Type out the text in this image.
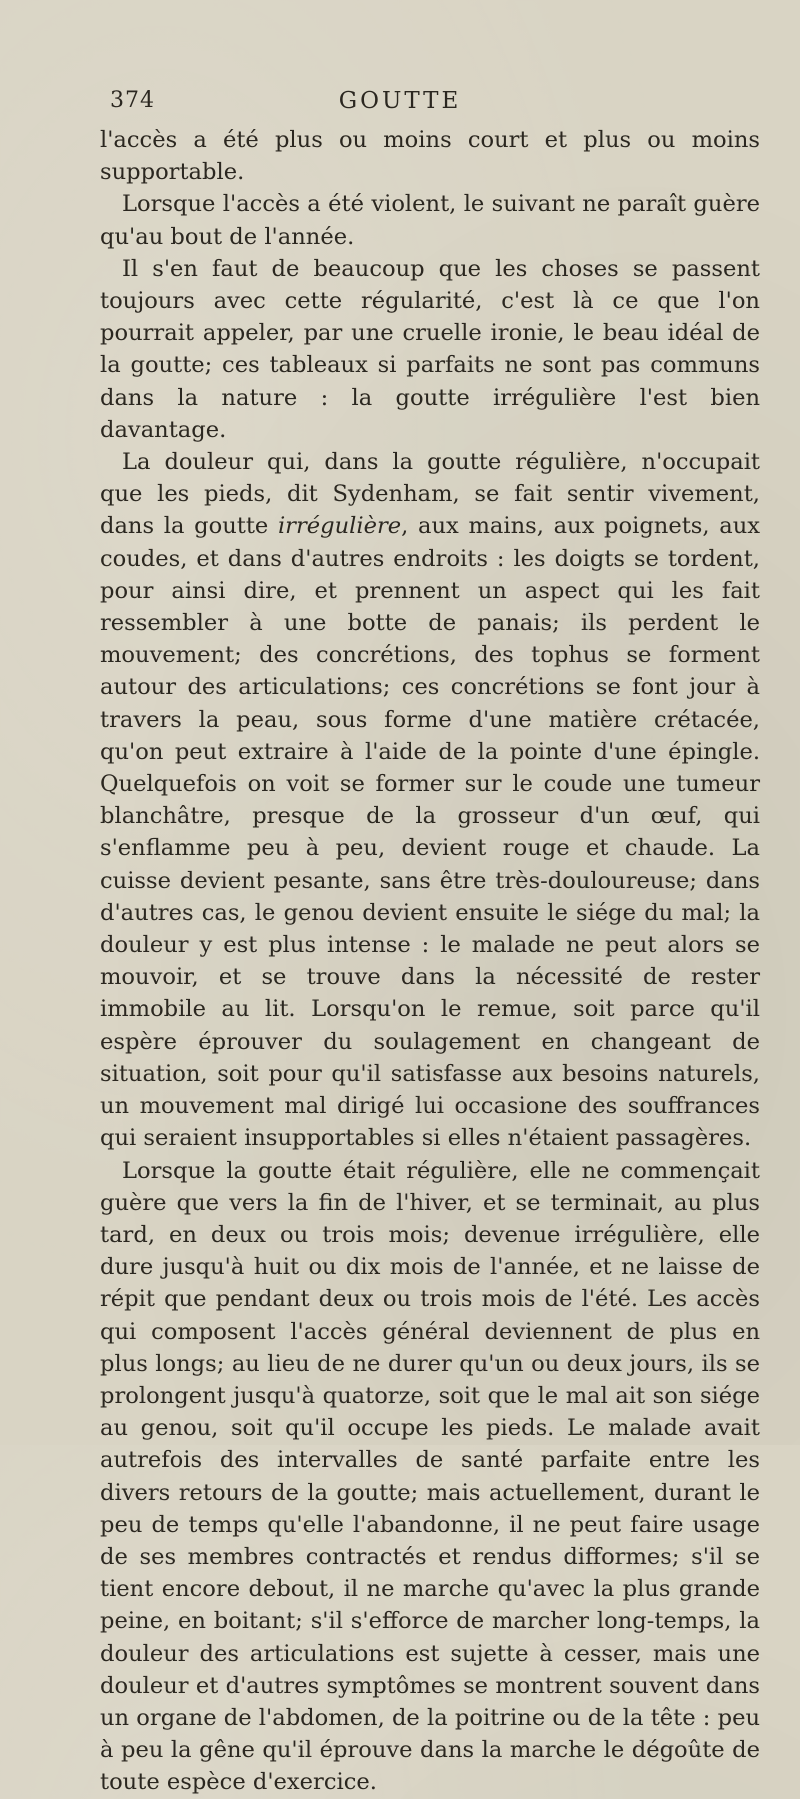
374	GOUTTE

l'accès a été plus ou moins court et plus ou moins supportable.

Lorsque l'accès a été violent, le suivant ne paraît guère qu'au bout de l'année.

Il s'en faut de beaucoup que les choses se passent toujours avec cette régularité, c'est là ce que l'on pourrait appeler, par une cruelle ironie, le beau idéal de la goutte; ces tableaux si parfaits ne sont pas communs dans la nature : la goutte irrégulière l'est bien davantage.

La douleur qui, dans la goutte régulière, n'occupait que les pieds, dit Sydenham, se fait sentir vivement, dans la goutte irrégulière, aux mains, aux poignets, aux coudes, et dans d'autres endroits : les doigts se tordent, pour ainsi dire, et prennent un aspect qui les fait ressembler à une botte de panais; ils perdent le mouvement; des concrétions, des tophus se forment autour des articulations; ces concrétions se font jour à travers la peau, sous forme d'une matière crétacée, qu'on peut extraire à l'aide de la pointe d'une épingle. Quelquefois on voit se former sur le coude une tumeur blanchâtre, presque de la grosseur d'un œuf, qui s'enflamme peu à peu, devient rouge et chaude. La cuisse devient pesante, sans être très-douloureuse; dans d'autres cas, le genou devient ensuite le siége du mal; la douleur y est plus intense : le malade ne peut alors se mouvoir, et se trouve dans la nécessité de rester immobile au lit. Lorsqu'on le remue, soit parce qu'il espère éprouver du soulagement en changeant de situation, soit pour qu'il satisfasse aux besoins naturels, un mouvement mal dirigé lui occasione des souffrances qui seraient insupportables si elles n'étaient passagères.

Lorsque la goutte était régulière, elle ne commençait guère que vers la fin de l'hiver, et se terminait, au plus tard, en deux ou trois mois; devenue irrégulière, elle dure jusqu'à huit ou dix mois de l'année, et ne laisse de répit que pendant deux ou trois mois de l'été. Les accès qui composent l'accès général deviennent de plus en plus longs; au lieu de ne durer qu'un ou deux jours, ils se prolongent jusqu'à quatorze, soit que le mal ait son siége au genou, soit qu'il occupe les pieds. Le malade avait autrefois des intervalles de santé parfaite entre les divers retours de la goutte; mais actuellement, durant le peu de temps qu'elle l'abandonne, il ne peut faire usage de ses membres contractés et rendus difformes; s'il se tient encore debout, il ne marche qu'avec la plus grande peine, en boitant; s'il s'efforce de marcher long-temps, la douleur des articulations est sujette à cesser, mais une douleur et d'autres symptômes se montrent souvent dans un organe de l'abdomen, de la poitrine ou de la tête : peu à peu la gêne qu'il éprouve dans la marche le dégoûte de toute espèce d'exercice.
